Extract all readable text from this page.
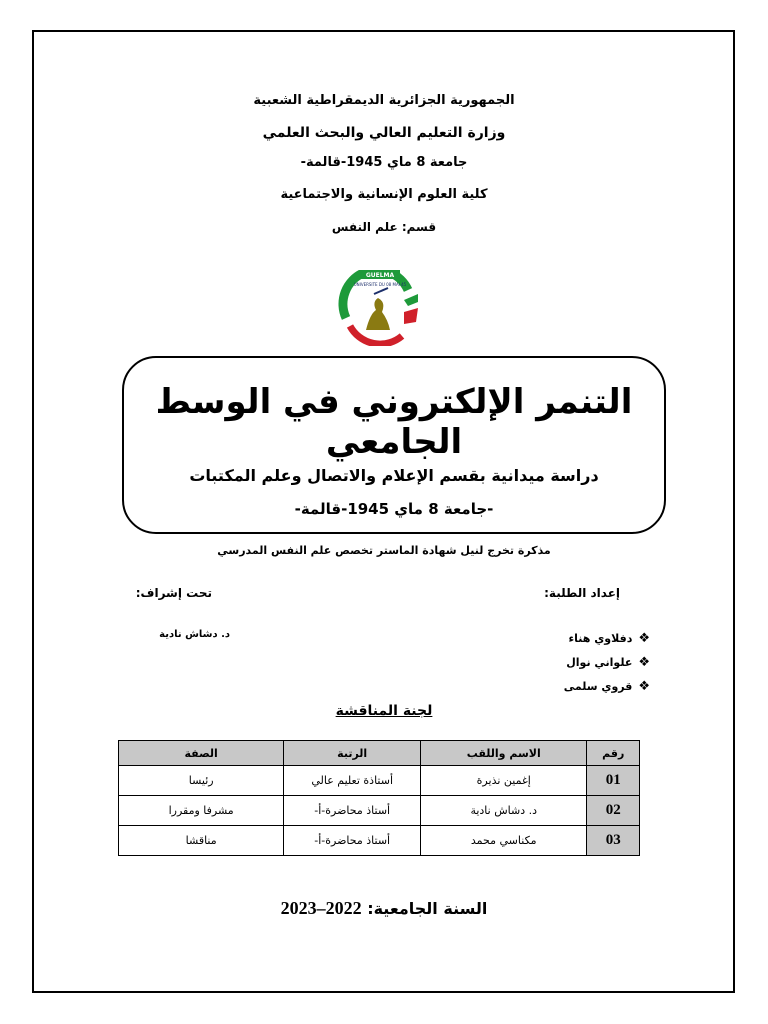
الجمهورية الجزائرية الديمقراطية الشعبية
وزارة التعليم العالي والبحث العلمي
جامعة 8 ماي 1945-قالمة-
كلية العلوم الإنسانية والاجتماعية
قسم: علم النفس
GUELMA
UNIVERSITE DU 08 MAI 45
التنمر الإلكتروني في الوسط الجامعي
دراسة ميدانية بقسم الإعلام والاتصال وعلم المكتبات
-جامعة 8 ماي 1945-قالمة-
مذكرة تخرج لنيل شهادة الماستر تخصص علم النفس المدرسي
إعداد الطلبة:
تحت إشراف:
❖دفلاوي هناء
❖علواني نوال
❖قروي سلمى
د. دشاش نادية
لجنة المناقشة
رقم	الاسم واللقب	الرتبة	الصفة
01	إغمين نذيرة	أستاذة تعليم عالي	رئيسا
02	د. دشاش نادية	أستاذ محاضرة-أ-	مشرفا ومقررا
03	مكناسي محمد	أستاذ محاضرة-أ-	مناقشا
السنة الجامعية: 2022–2023
